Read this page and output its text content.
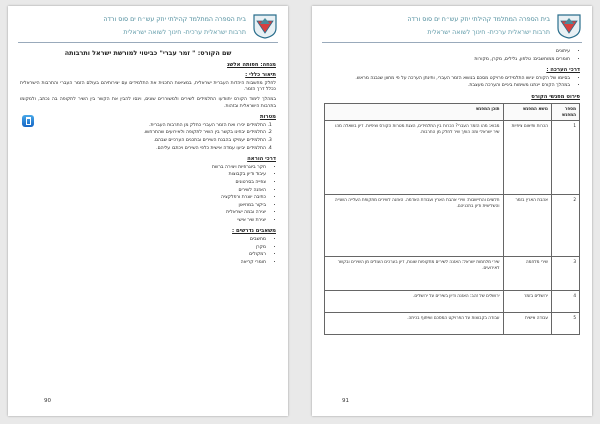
בית הספרה המתלמד קהילתי יוזק עש״ח ים סוס ורדה
תרבות ישראלית ערכית- חינוך לשואה ישראלית
שם הקורס: " זמר עברי" כביטוי למורשת ישראל ותרבותה
מנחה: חפותה אלשנ
תיאור כללי :

לחלק מחשבות היהדות העברית ישראלית, במציאות התכנית את התלמידים עם יצירותיהם בעולם הזמר העברי והתרבות הישראלית ככלל דרך הזמר.

במהלך לימוד הקורס יתוודעו התלמידים לשירים ולמשוררים שונים, וינסו להבין את הקשר בין השיר לתקופה בה נכתב, ולמקומו בתרבות הישראלית ובזהות.

מטרות
1. התלמידים יכירו ואת הזמר העברי כחלק מן התרבות העברית.
2. התלמידים יבחינו בקשר בין השיר לתקופה ולאירועים שהתרחשו.
3. התלמידים יעמיקו בהבנת השירים ובתכנים הערכיים שבהם.
4. התלמידים יביעו עמדה אישית כלפי השירים ויכתבו עליהם.
דרכי הוראה
• חקר ביוגרפיות ויצירה ברשת
• עיבוד ודיון בקבוצות
• צפייה בסרטונים
• האזנה לשירים
• כתיבה יוצרת ורפלקציה
• ביקור במוזיאון
• יצירה ובמה ישראלית
• יצירת שיר אישי
משאבים נדרשים :
• מחשבים
• מקרן
• רמקולים
• חומרי קריאה
90
בית הספרה המתלמד קהילתי יוזק עש״ח ים סוס ורדה
תרבות ישראלית ערכית- חינוך לשואה ישראלית
• עיתונים
• חומרים ממוחשבים: טלפון, גלילים, מקרן, מקורות
דרכי הערכה :
• בסיומו של הקורס יגישו התלמידים פרויקט מסכם בנושא הזמר העברי, ותינתן הערכה על פי מחוון שנבנה מראש.
• במהלך הקורס יינתנו משימות ביניים והערכה מעצבת.
פירוט מפגשי הקורס
מספר המפגש	נושא המפגש	תוכן המפגש
1	הכרות ותיאום ציפיות	מבוא: מהו הזמר העברי? הכרות בין התלמידים, הצגת מטרות הקורס וציפיות. דיון בשאלה מהו שיר ישראלי ומה הופך שיר לחלק מן התרבות.
2	אהבת הארץ בזמר	חלוצים והתיישבות: שירי אהבת הארץ ועבודת האדמה. האזנה לשירים מתקופת העלייה השנייה והשלישית ודיון בתכניהם.
3	שירי מלחמה	שירי מלחמות ישראל: האזנה לשירים מתקופות שונות, דיון בערכים העולים מן השירים ובקשר לאירועים.
4	ירושלים בזמר	ירושלים של זהב: האזנה ודיון בשירים על ירושלים.
5	עבודה אישית	עבודה בקבוצות על הפרויקט המסכם ושיתוף בכיתה.
91
